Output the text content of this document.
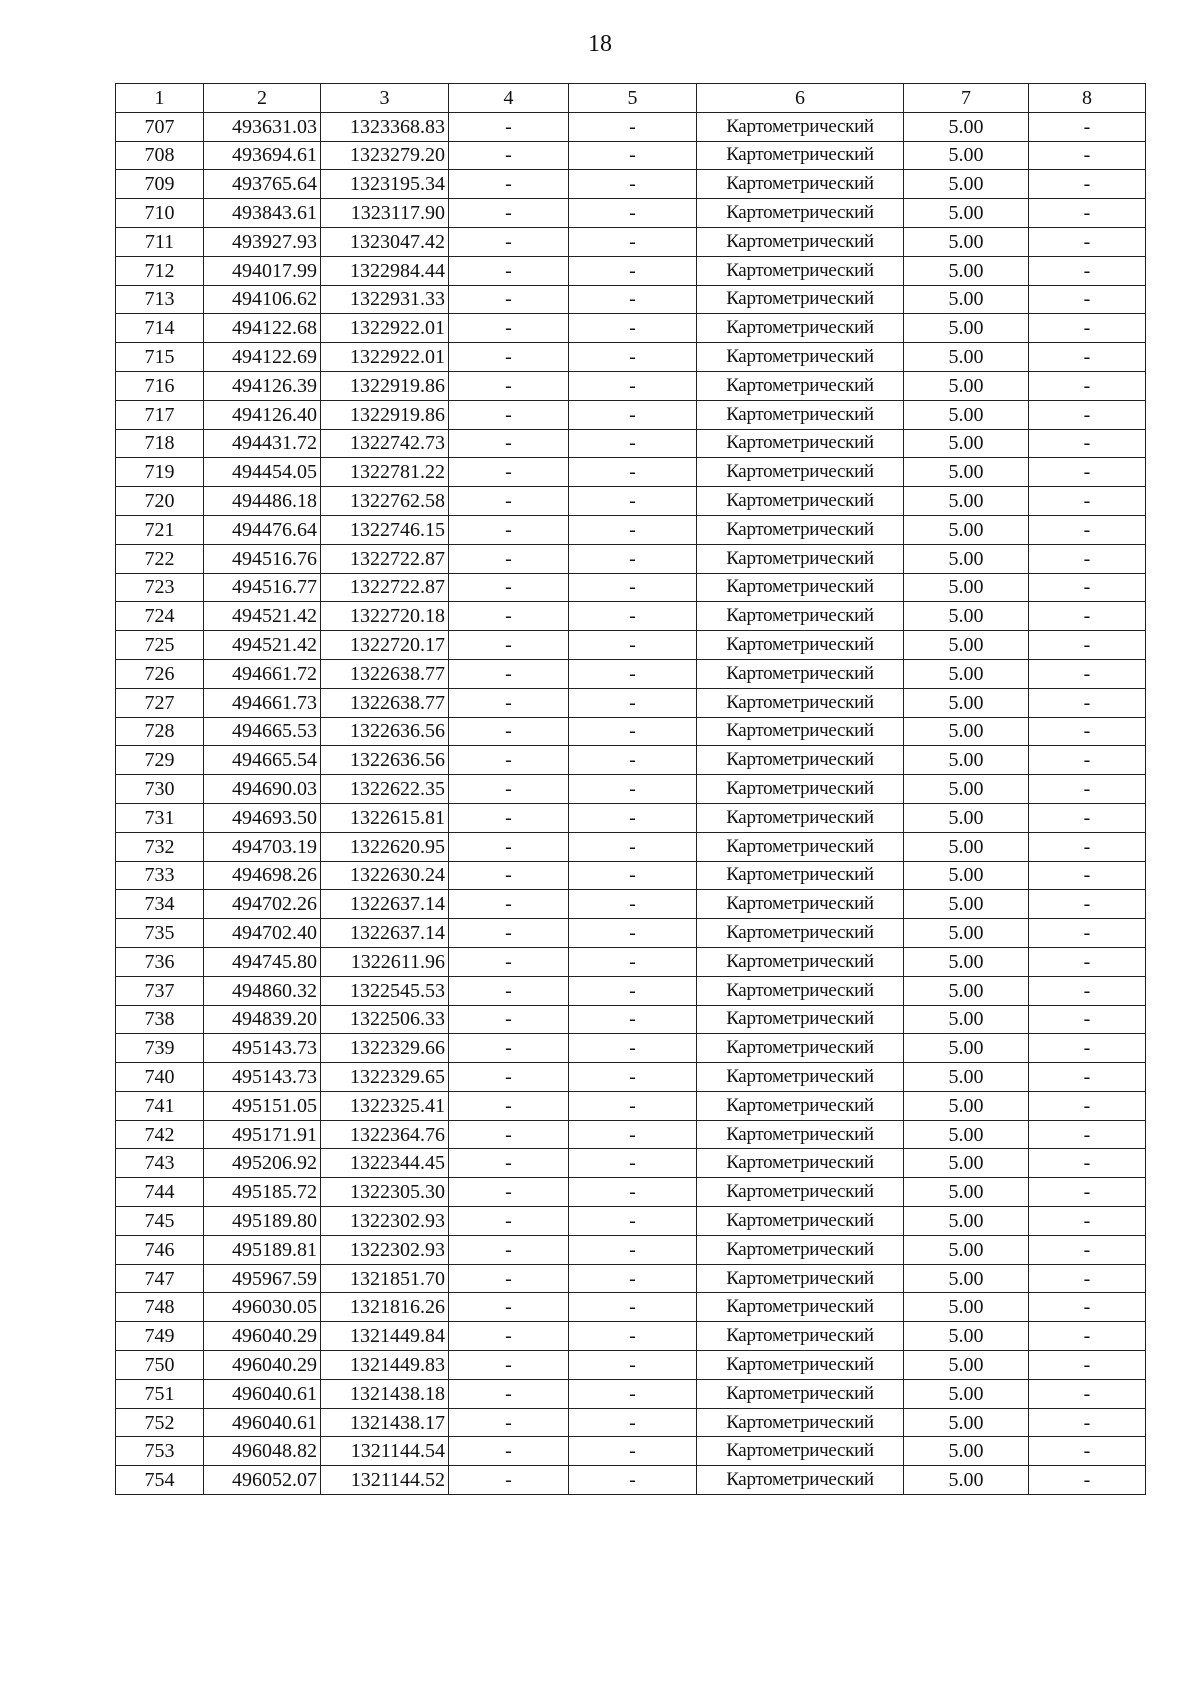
18
1	2	3	4	5	6	7	8
707	493631.03	1323368.83	-	-	Картометрический	5.00	-
708	493694.61	1323279.20	-	-	Картометрический	5.00	-
709	493765.64	1323195.34	-	-	Картометрический	5.00	-
710	493843.61	1323117.90	-	-	Картометрический	5.00	-
711	493927.93	1323047.42	-	-	Картометрический	5.00	-
712	494017.99	1322984.44	-	-	Картометрический	5.00	-
713	494106.62	1322931.33	-	-	Картометрический	5.00	-
714	494122.68	1322922.01	-	-	Картометрический	5.00	-
715	494122.69	1322922.01	-	-	Картометрический	5.00	-
716	494126.39	1322919.86	-	-	Картометрический	5.00	-
717	494126.40	1322919.86	-	-	Картометрический	5.00	-
718	494431.72	1322742.73	-	-	Картометрический	5.00	-
719	494454.05	1322781.22	-	-	Картометрический	5.00	-
720	494486.18	1322762.58	-	-	Картометрический	5.00	-
721	494476.64	1322746.15	-	-	Картометрический	5.00	-
722	494516.76	1322722.87	-	-	Картометрический	5.00	-
723	494516.77	1322722.87	-	-	Картометрический	5.00	-
724	494521.42	1322720.18	-	-	Картометрический	5.00	-
725	494521.42	1322720.17	-	-	Картометрический	5.00	-
726	494661.72	1322638.77	-	-	Картометрический	5.00	-
727	494661.73	1322638.77	-	-	Картометрический	5.00	-
728	494665.53	1322636.56	-	-	Картометрический	5.00	-
729	494665.54	1322636.56	-	-	Картометрический	5.00	-
730	494690.03	1322622.35	-	-	Картометрический	5.00	-
731	494693.50	1322615.81	-	-	Картометрический	5.00	-
732	494703.19	1322620.95	-	-	Картометрический	5.00	-
733	494698.26	1322630.24	-	-	Картометрический	5.00	-
734	494702.26	1322637.14	-	-	Картометрический	5.00	-
735	494702.40	1322637.14	-	-	Картометрический	5.00	-
736	494745.80	1322611.96	-	-	Картометрический	5.00	-
737	494860.32	1322545.53	-	-	Картометрический	5.00	-
738	494839.20	1322506.33	-	-	Картометрический	5.00	-
739	495143.73	1322329.66	-	-	Картометрический	5.00	-
740	495143.73	1322329.65	-	-	Картометрический	5.00	-
741	495151.05	1322325.41	-	-	Картометрический	5.00	-
742	495171.91	1322364.76	-	-	Картометрический	5.00	-
743	495206.92	1322344.45	-	-	Картометрический	5.00	-
744	495185.72	1322305.30	-	-	Картометрический	5.00	-
745	495189.80	1322302.93	-	-	Картометрический	5.00	-
746	495189.81	1322302.93	-	-	Картометрический	5.00	-
747	495967.59	1321851.70	-	-	Картометрический	5.00	-
748	496030.05	1321816.26	-	-	Картометрический	5.00	-
749	496040.29	1321449.84	-	-	Картометрический	5.00	-
750	496040.29	1321449.83	-	-	Картометрический	5.00	-
751	496040.61	1321438.18	-	-	Картометрический	5.00	-
752	496040.61	1321438.17	-	-	Картометрический	5.00	-
753	496048.82	1321144.54	-	-	Картометрический	5.00	-
754	496052.07	1321144.52	-	-	Картометрический	5.00	-
